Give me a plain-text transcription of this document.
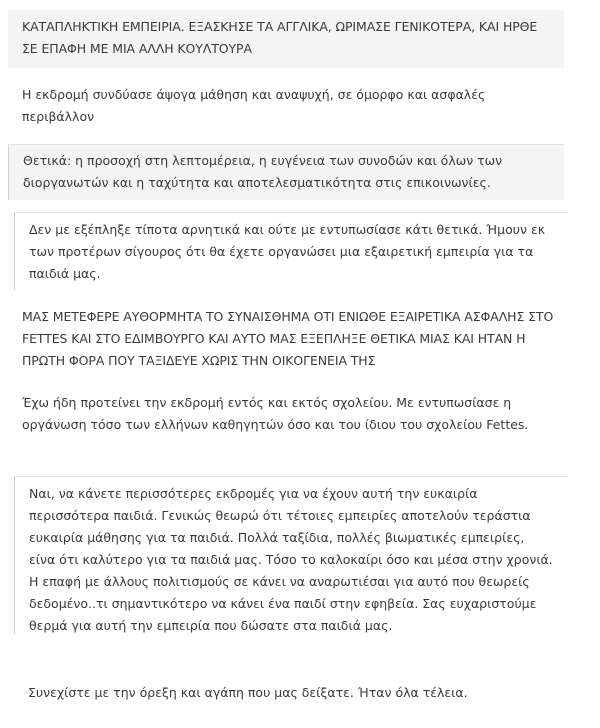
ΚΑΤΑΠΛΗΚΤΙΚΗ ΕΜΠΕΙΡΙΑ. ΕΞΑΣΚΗΣΕ ΤΑ ΑΓΓΛΙΚΑ, ΩΡΙΜΑΣΕ ΓΕΝΙΚΟΤΕΡΑ, ΚΑΙ ΗΡΘΕ ΣΕ ΕΠΑΦΗ ΜΕ ΜΙΑ ΑΛΛΗ ΚΟΥΛΤΟΥΡΑ
Η εκδρομή συνδύασε άψογα μάθηση και αναψυχή, σε όμορφο και ασφαλές περιβάλλον
Θετικά: η προσοχή στη λεπτομέρεια, η ευγένεια των συνοδών και όλων των διοργανωτών και η ταχύτητα και αποτελεσματικότητα στις επικοινωνίες.
Δεν με εξέπληξε τίποτα αρνητικά και ούτε με εντυπωσίασε κάτι θετικά. Ήμουν εκ των προτέρων σίγουρος ότι θα έχετε οργανώσει μια εξαιρετική εμπειρία για τα παιδιά μας.
ΜΑΣ ΜΕΤΕΦΕΡΕ ΑΥΘΟΡΜΗΤΑ ΤΟ ΣΥΝΑΙΣΘΗΜΑ ΟΤΙ ΕΝΙΩΘΕ ΕΞΑΙΡΕΤΙΚΑ ΑΣΦΑΛΗΣ ΣΤΟ FETTES ΚΑΙ ΣΤΟ ΕΔΙΜΒΟΥΡΓΟ ΚΑΙ ΑΥΤΟ ΜΑΣ ΕΞΕΠΛΗΞΕ ΘΕΤΙΚΑ ΜΙΑΣ ΚΑΙ ΗΤΑΝ Η ΠΡΩΤΗ ΦΟΡΑ ΠΟΥ ΤΑΞΙΔΕΥΕ ΧΩΡΙΣ ΤΗΝ ΟΙΚΟΓΕΝΕΙΑ ΤΗΣ
Έχω ήδη προτείνει την εκδρομή εντός και εκτός σχολείου. Με εντυπωσίασε η οργάνωση τόσο των ελλήνων καθηγητών όσο και του ίδιου του σχολείου Fettes.
Ναι, να κάνετε περισσότερες εκδρομές για να έχουν αυτή την ευκαιρία περισσότερα παιδιά. Γενικώς θεωρώ ότι τέτοιες εμπειρίες αποτελούν τεράστια ευκαιρία μάθησης για τα παιδιά. Πολλά ταξίδια, πολλές βιωματικές εμπειρίες, είνα ότι καλύτερο για τα παιδιά μας. Τόσο το καλοκαίρι όσο και μέσα στην χρονιά. Η επαφή με άλλους πολιτισμούς σε κάνει να αναρωτιέσαι για αυτό που θεωρείς δεδομένο..τι σημαντικότερο να κάνει ένα παιδί στην εφηβεία. Σας ευχαριστούμε θερμά για αυτή την εμπειρία που δώσατε στα παιδιά μας.
Συνεχίστε με την όρεξη και αγάπη που μας δείξατε. Ήταν όλα τέλεια.
